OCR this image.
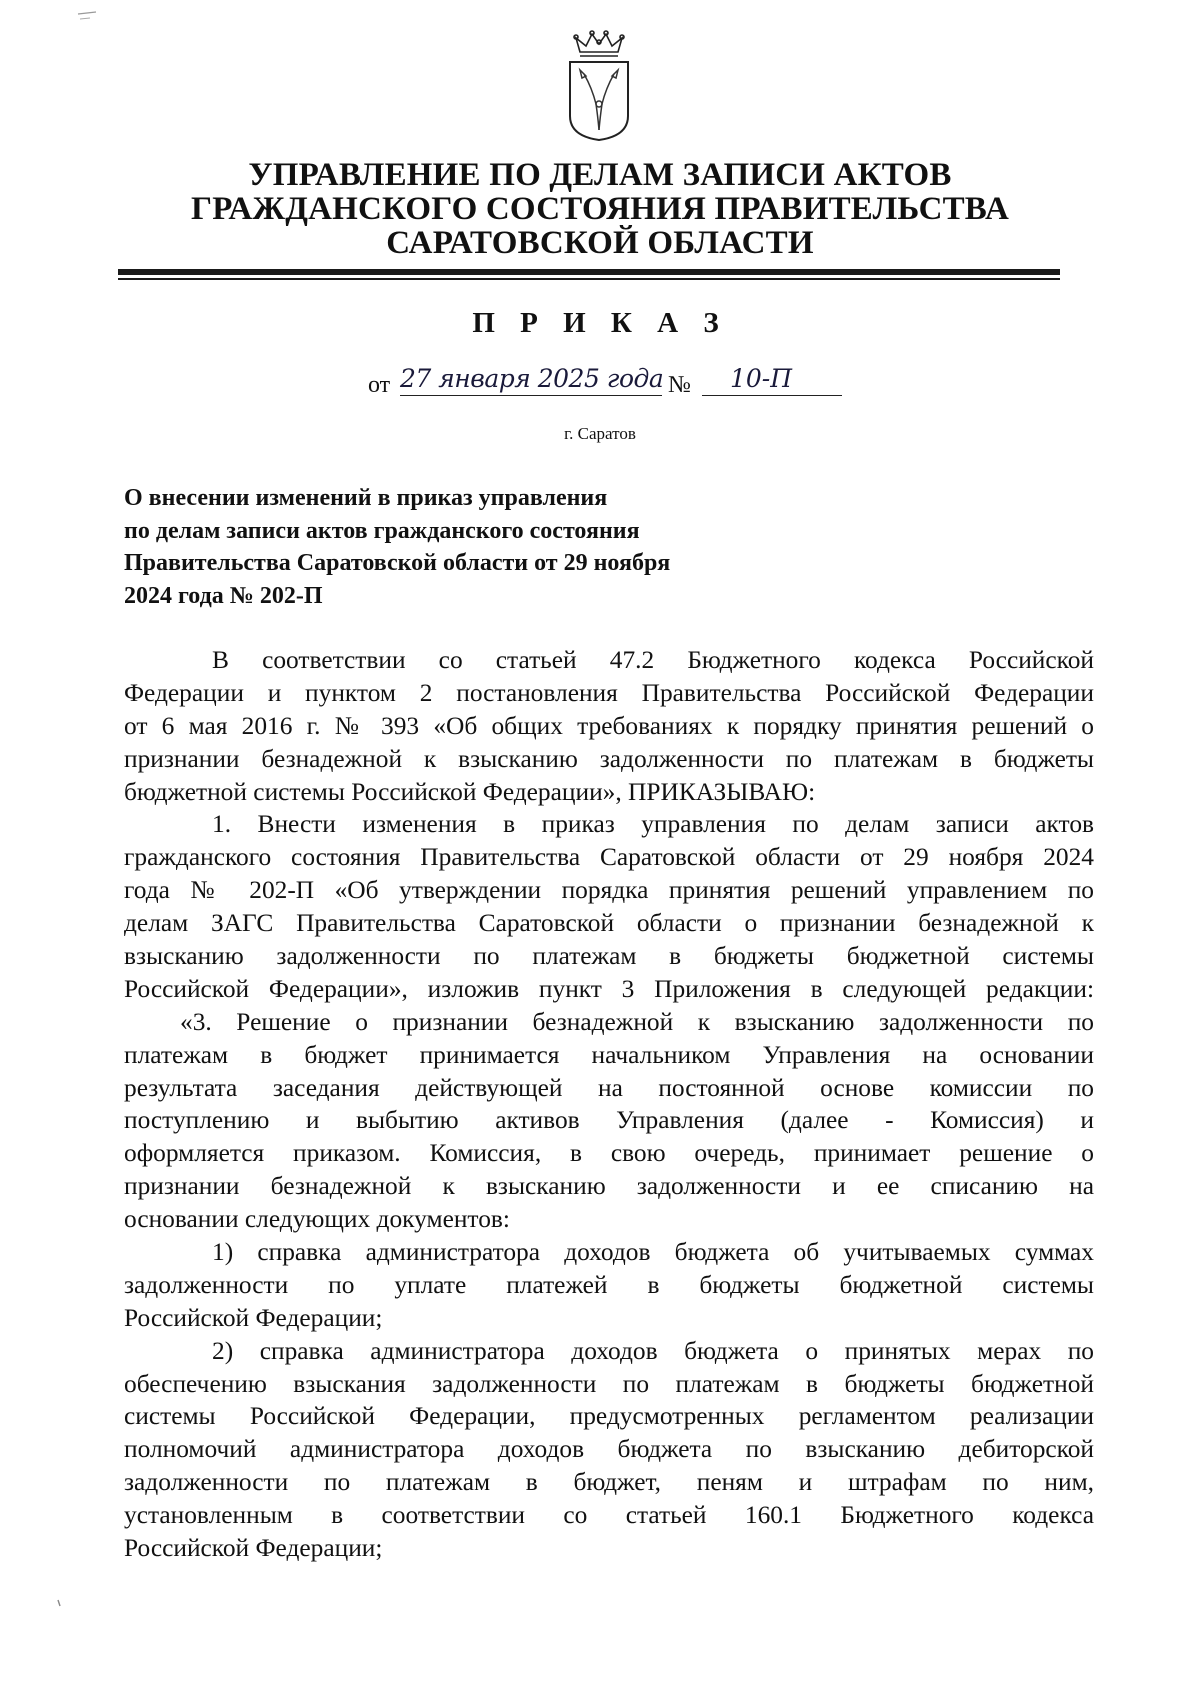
УПРАВЛЕНИЕ ПО ДЕЛАМ ЗАПИСИ АКТОВ
ГРАЖДАНСКОГО СОСТОЯНИЯ ПРАВИТЕЛЬСТВА
САРАТОВСКОЙ ОБЛАСТИ
П Р И К А З
от 27 января 2025 года №	10-П
г. Саратов
О внесении изменений в приказ управления
по делам записи актов гражданского состояния
Правительства Саратовской области от 29 ноября
2024 года № 202-П
В соответствии со статьей 47.2 Бюджетного кодекса Российской
Федерации и пунктом 2 постановления Правительства Российской Федерации
от 6 мая 2016 г. № 393 «Об общих требованиях к порядку принятия решений о
признании безнадежной к взысканию задолженности по платежам в бюджеты
бюджетной системы Российской Федерации», ПРИКАЗЫВАЮ:
1. Внести изменения в приказ управления по делам записи актов
гражданского состояния Правительства Саратовской области от 29 ноября 2024
года № 202-П «Об утверждении порядка принятия решений управлением по
делам ЗАГС Правительства Саратовской области о признании безнадежной к
взысканию задолженности по платежам в бюджеты бюджетной системы
Российской Федерации», изложив пункт 3 Приложения в следующей редакции:
«3. Решение о признании безнадежной к взысканию задолженности по
платежам в бюджет принимается начальником Управления на основании
результата заседания действующей на постоянной основе комиссии по
поступлению и выбытию активов Управления (далее - Комиссия) и
оформляется приказом. Комиссия, в свою очередь, принимает решение о
признании безнадежной к взысканию задолженности и ее списанию на
основании следующих документов:
1) справка администратора доходов бюджета об учитываемых суммах
задолженности по уплате платежей в бюджеты бюджетной системы
Российской Федерации;
2) справка администратора доходов бюджета о принятых мерах по
обеспечению взыскания задолженности по платежам в бюджеты бюджетной
системы Российской Федерации, предусмотренных регламентом реализации
полномочий администратора доходов бюджета по взысканию дебиторской
задолженности по платежам в бюджет, пеням и штрафам по ним,
установленным в соответствии со статьей 160.1 Бюджетного кодекса
Российской Федерации;
